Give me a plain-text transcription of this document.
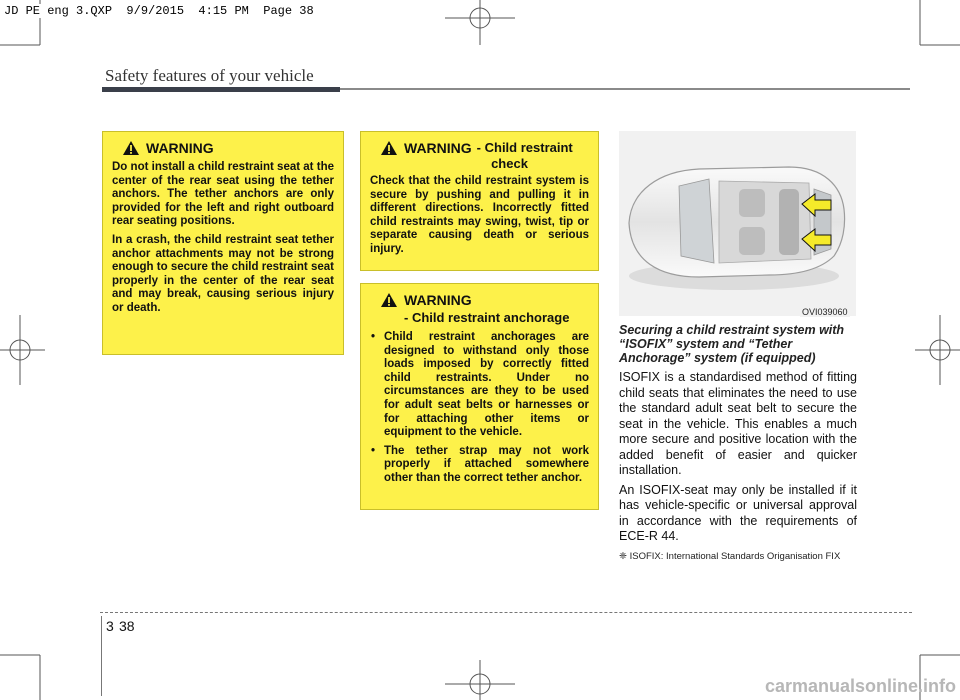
JD PE eng 3.QXP  9/9/2015  4:15 PM  Page 38
Safety features of your vehicle
WARNING

Do not install a child restraint seat at the center of the rear seat using the tether anchors. The tether anchors are only provided for the left and right outboard rear seating positions.

In a crash, the child restraint seat tether anchor attachments may not be strong enough to secure the child restraint seat properly in the center of the rear seat and may break, causing serious injury or death.

WARNING - Child restraint
check
Check that the child restraint system is secure by pushing and pulling it in different directions. Incorrectly fitted child restraints may swing, twist, tip or separate causing death or serious injury.
WARNING
- Child restraint anchorage
• Child restraint anchorages are designed to withstand only those loads imposed by correctly fitted child restraints. Under no circumstances are they to be used for adult seat belts or harnesses or for attaching other items or equipment to the vehicle.
• The tether strap may not work properly if attached somewhere other than the correct tether anchor.
OVI039060
Securing a child restraint system with “ISOFIX” system and “Tether Anchorage” system (if equipped)

ISOFIX is a standardised method of fitting child seats that eliminates the need to use the standard adult seat belt to secure the seat in the vehicle. This enables a much more secure and positive location with the added benefit of easier and quicker installation.

An ISOFIX-seat may only be installed if it has vehicle-specific or universal approval in accordance with the requirements of ECE-R 44.

❈ ISOFIX: International Standards Origanisation FIX
3 38
carmanualsonline.info
